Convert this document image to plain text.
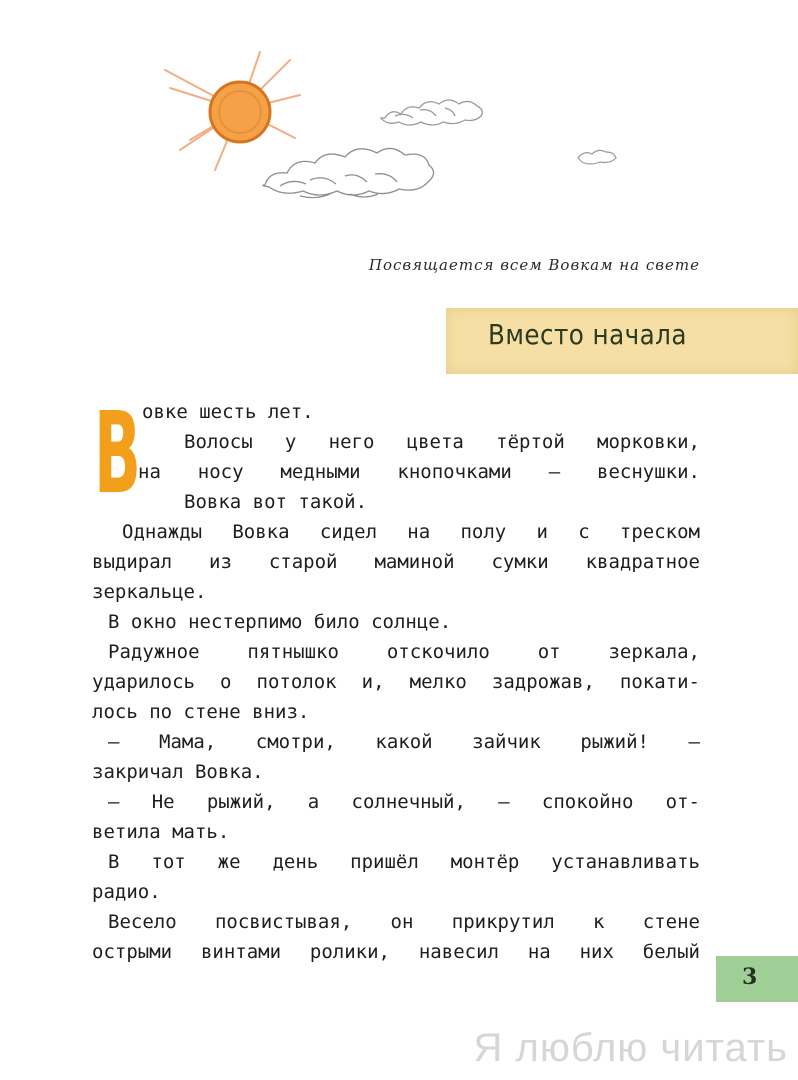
Посвящается всем Вовкам на свете
Вместо начала
В овке шесть лет.
Волосы у него цвета тёртой морковки,
на носу медными кнопочками — веснушки.
Вовка вот такой.
Однажды Вовка сидел на полу и с треском
выдирал из старой маминой сумки квадратное
зеркальце.
В окно нестерпимо било солнце.
Радужное пятнышко отскочило от зеркала,
ударилось о потолок и, мелко задрожав, покати-
лось по стене вниз.
— Мама, смотри, какой зайчик рыжий! —
закричал Вовка.
— Не рыжий, а солнечный, — спокойно от-
ветила мать.
В тот же день пришёл монтёр устанавливать
радио.
Весело посвистывая, он прикрутил к стене
острыми винтами ролики, навесил на них белый
3
Я люблю читать
